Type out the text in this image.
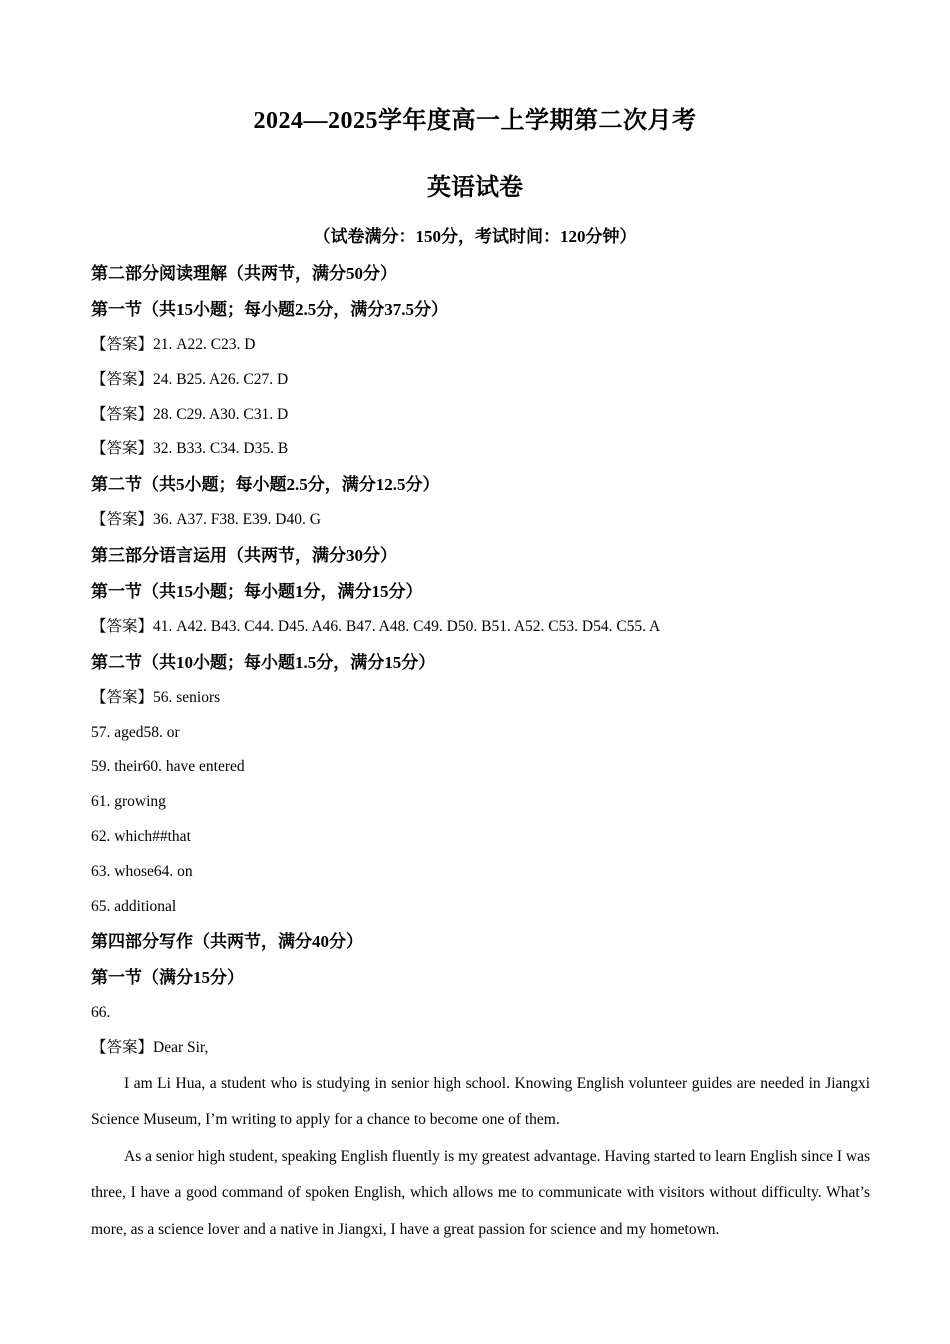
2024—2025学年度高一上学期第二次月考
英语试卷
（试卷满分：150分，考试时间：120分钟）
第二部分阅读理解（共两节，满分50分）
第一节（共15小题；每小题2.5分，满分37.5分）
【答案】21. A22. C23. D
【答案】24. B25. A26. C27. D
【答案】28. C29. A30. C31. D
【答案】32. B33. C34. D35. B
第二节（共5小题；每小题2.5分，满分12.5分）
【答案】36. A37. F38. E39. D40. G
第三部分语言运用（共两节，满分30分）
第一节（共15小题；每小题1分，满分15分）
【答案】41. A42. B43. C44. D45. A46. B47. A48. C49. D50. B51. A52. C53. D54. C55. A
第二节（共10小题；每小题1.5分，满分15分）
【答案】56. seniors
57. aged58. or
59. their60. have entered
61. growing
62. which##that
63. whose64. on
65. additional
第四部分写作（共两节，满分40分）
第一节（满分15分）
66.
【答案】Dear Sir,

I am Li Hua, a student who is studying in senior high school. Knowing English volunteer guides are needed in Jiangxi Science Museum, I’m writing to apply for a chance to become one of them.

As a senior high student, speaking English fluently is my greatest advantage. Having started to learn English since I was three, I have a good command of spoken English, which allows me to communicate with visitors without difficulty. What’s more, as a science lover and a native in Jiangxi, I have a great passion for science and my hometown.
